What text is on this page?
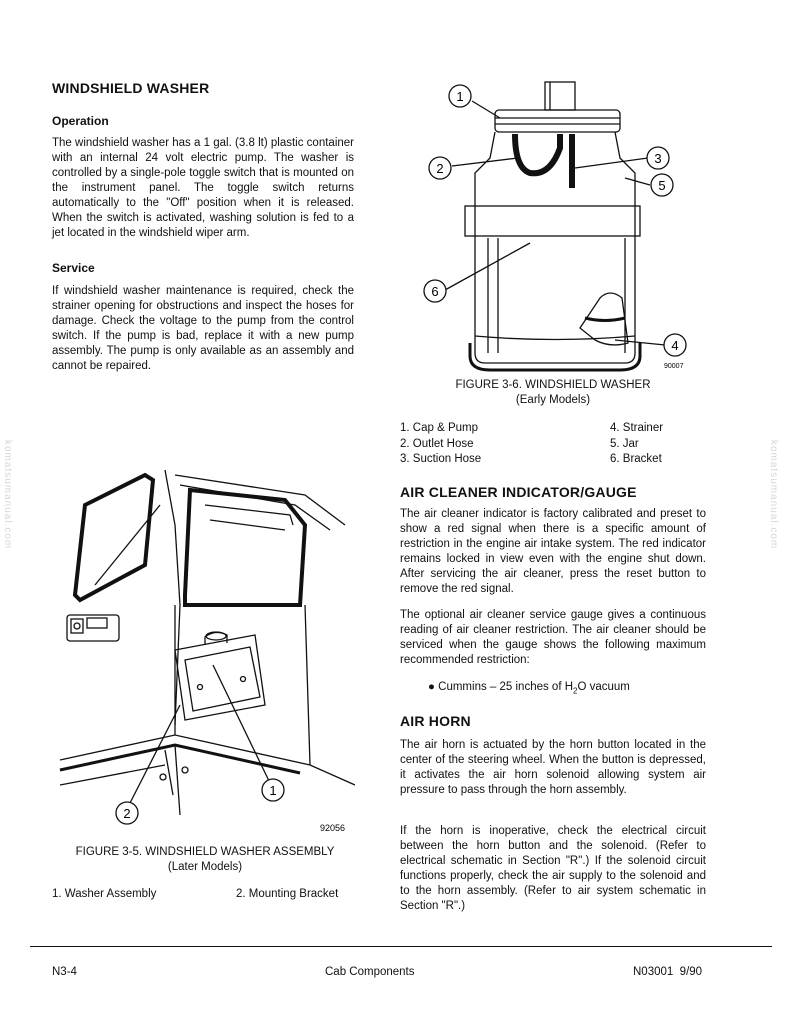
komatsumanual.com	komatsumanual.com
WINDSHIELD WASHER
Operation
The windshield washer has a 1 gal. (3.8 lt) plastic container with an internal 24 volt electric pump. The washer is controlled by a single-pole toggle switch that is mounted on the instrument panel. The toggle switch returns automatically to the "Off" position when it is released. When the switch is activated, washing solution is fed to a jet located in the windshield wiper arm.
Service
If windshield washer maintenance is required, check the strainer opening for obstructions and inspect the hoses for damage. Check the voltage to the pump from the control switch. If the pump is bad, replace it with a new pump assembly. The pump is only available as an assembly and cannot be repaired.
1
2
92056
FIGURE 3-5. WINDSHIELD WASHER ASSEMBLY
(Later Models)
1. Washer Assembly	2. Mounting Bracket
1
2
3
4
5
6
90007
FIGURE 3-6. WINDSHIELD WASHER
(Early Models)
1. Cap & Pump
2. Outlet Hose
3. Suction Hose
4. Strainer
5. Jar
6. Bracket
AIR CLEANER INDICATOR/GAUGE
The air cleaner indicator is factory calibrated and preset to show a red signal when there is a specific amount of restriction in the engine air intake system. The red indicator remains locked in view even with the engine shut down. After servicing the air cleaner, press the reset button to remove the red signal.
The optional air cleaner service gauge gives a continuous reading of air cleaner restriction. The air cleaner should be serviced when the gauge shows the following maximum recommended restriction:
● Cummins – 25 inches of $H_2O$ vacuum
AIR HORN
The air horn is actuated by the horn button located in the center of the steering wheel. When the button is depressed, it activates the air horn solenoid allowing system air pressure to pass through the horn assembly.
If the horn is inoperative, check the electrical circuit between the horn button and the solenoid. (Refer to electrical schematic in Section "R".) If the solenoid circuit functions properly, check the air supply to the solenoid and to the horn assembly. (Refer to air system schematic in Section "R".)
N3-4	Cab Components	N03001  9/90
